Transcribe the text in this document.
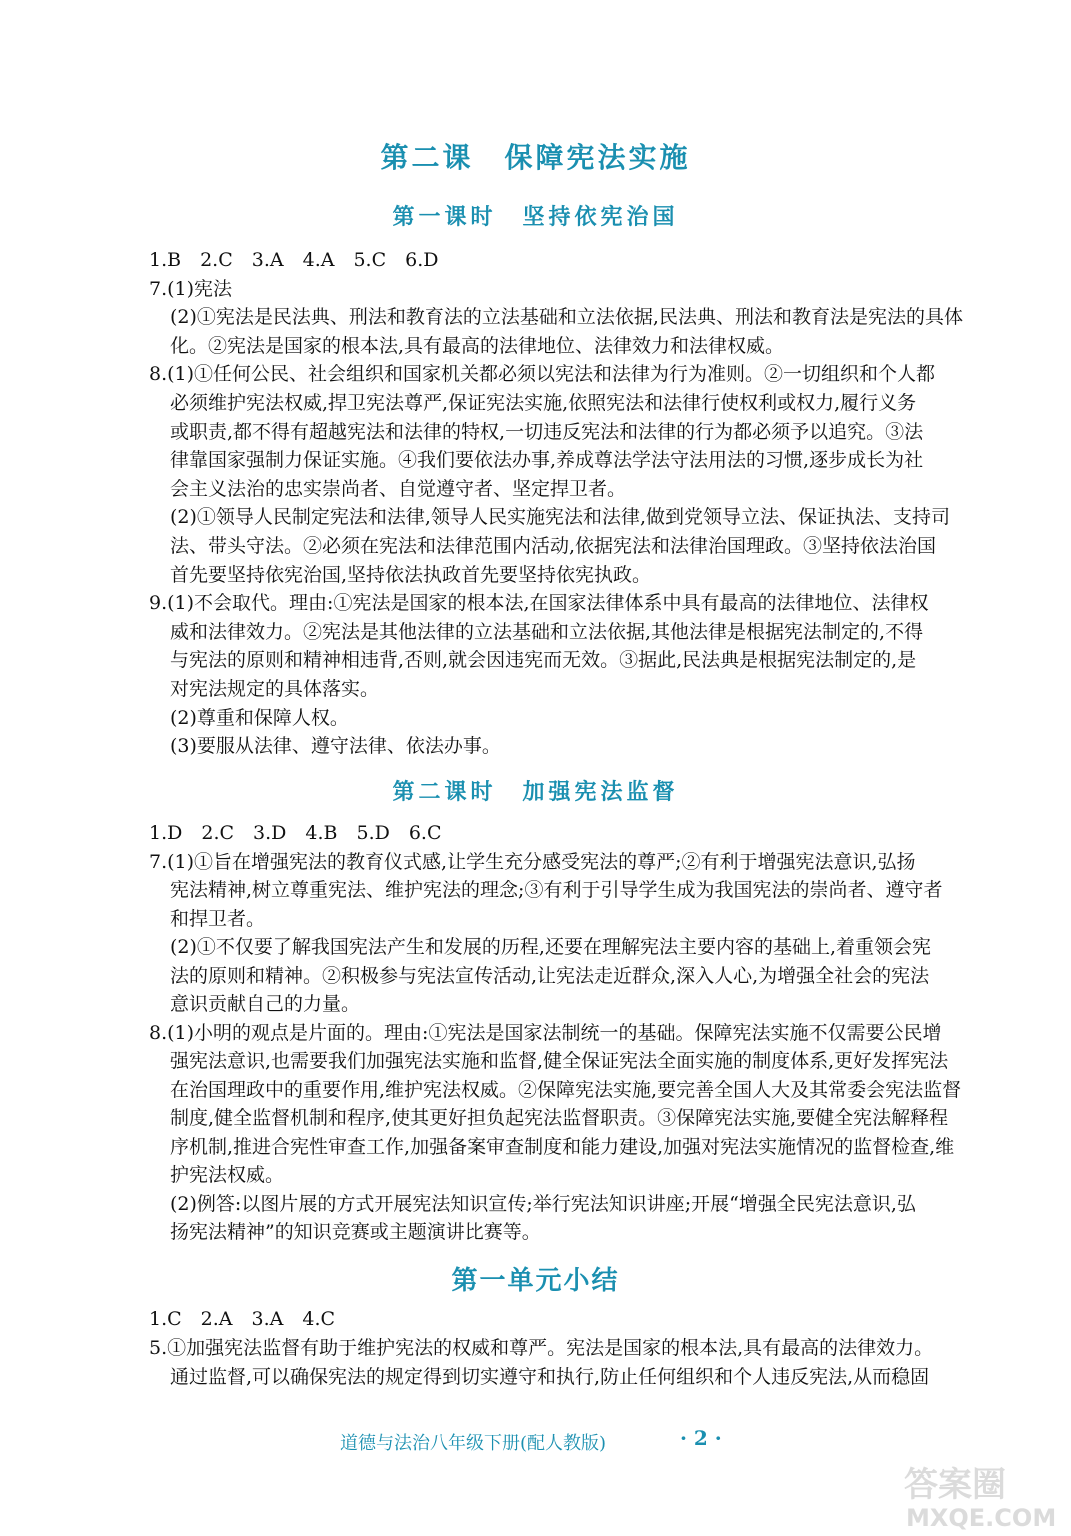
第二课　保障宪法实施
第一课时　坚持依宪治国
1.B　2.C　3.A　4.A　5.C　6.D
7.(1)宪法
(2)①宪法是民法典、刑法和教育法的立法基础和立法依据,民法典、刑法和教育法是宪法的具体
化。②宪法是国家的根本法,具有最高的法律地位、法律效力和法律权威。
8.(1)①任何公民、社会组织和国家机关都必须以宪法和法律为行为准则。②一切组织和个人都
必须维护宪法权威,捍卫宪法尊严,保证宪法实施,依照宪法和法律行使权利或权力,履行义务
或职责,都不得有超越宪法和法律的特权,一切违反宪法和法律的行为都必须予以追究。③法
律靠国家强制力保证实施。④我们要依法办事,养成尊法学法守法用法的习惯,逐步成长为社
会主义法治的忠实崇尚者、自觉遵守者、坚定捍卫者。
(2)①领导人民制定宪法和法律,领导人民实施宪法和法律,做到党领导立法、保证执法、支持司
法、带头守法。②必须在宪法和法律范围内活动,依据宪法和法律治国理政。③坚持依法治国
首先要坚持依宪治国,坚持依法执政首先要坚持依宪执政。
9.(1)不会取代。理由:①宪法是国家的根本法,在国家法律体系中具有最高的法律地位、法律权
威和法律效力。②宪法是其他法律的立法基础和立法依据,其他法律是根据宪法制定的,不得
与宪法的原则和精神相违背,否则,就会因违宪而无效。③据此,民法典是根据宪法制定的,是
对宪法规定的具体落实。
(2)尊重和保障人权。
(3)要服从法律、遵守法律、依法办事。
第二课时　加强宪法监督
1.D　2.C　3.D　4.B　5.D　6.C
7.(1)①旨在增强宪法的教育仪式感,让学生充分感受宪法的尊严;②有利于增强宪法意识,弘扬
宪法精神,树立尊重宪法、维护宪法的理念;③有利于引导学生成为我国宪法的崇尚者、遵守者
和捍卫者。
(2)①不仅要了解我国宪法产生和发展的历程,还要在理解宪法主要内容的基础上,着重领会宪
法的原则和精神。②积极参与宪法宣传活动,让宪法走近群众,深入人心,为增强全社会的宪法
意识贡献自己的力量。
8.(1)小明的观点是片面的。理由:①宪法是国家法制统一的基础。保障宪法实施不仅需要公民增
强宪法意识,也需要我们加强宪法实施和监督,健全保证宪法全面实施的制度体系,更好发挥宪法
在治国理政中的重要作用,维护宪法权威。②保障宪法实施,要完善全国人大及其常委会宪法监督
制度,健全监督机制和程序,使其更好担负起宪法监督职责。③保障宪法实施,要健全宪法解释程
序机制,推进合宪性审查工作,加强备案审查制度和能力建设,加强对宪法实施情况的监督检查,维
护宪法权威。
(2)例答:以图片展的方式开展宪法知识宣传;举行宪法知识讲座;开展“增强全民宪法意识,弘
扬宪法精神”的知识竞赛或主题演讲比赛等。
第一单元小结
1.C　2.A　3.A　4.C
5.①加强宪法监督有助于维护宪法的权威和尊严。宪法是国家的根本法,具有最高的法律效力。
通过监督,可以确保宪法的规定得到切实遵守和执行,防止任何组织和个人违反宪法,从而稳固
道德与法治八年级下册(配人教版)	· 2 ·
答案圈
MXQE.COM
